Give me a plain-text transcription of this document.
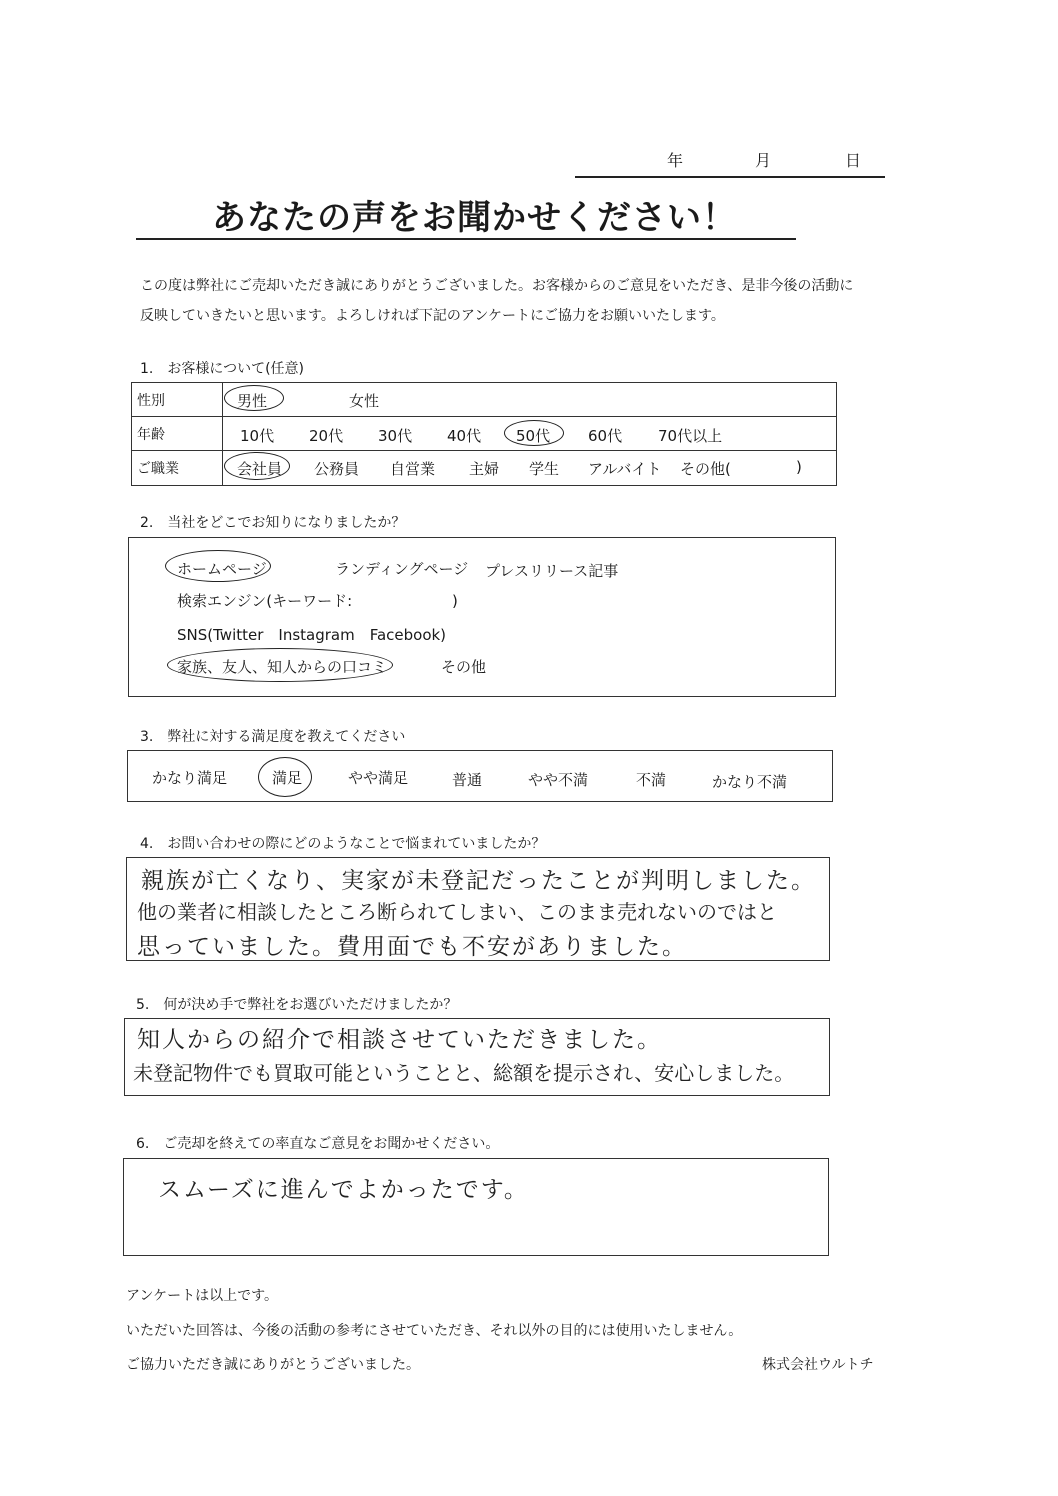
年	月	日
あなたの声をお聞かせください！
この度は弊社にご売却いただき誠にありがとうございました。お客様からのご意見をいただき、是非今後の活動に
反映していきたいと思います。よろしければ下記のアンケートにご協力をお願いいたします。
1.　お客様について(任意)
性別	男性	女性
年齢	10代 20代 30代 40代 50代	60代 70代以上
ご職業	会社員 公務員 自営業 主婦 学生 アルバイト その他(	)
2.　当社をどこでお知りになりましたか？
ホームページ	ランディングページ プレスリリース記事
検索エンジン(キーワード:	)
SNS(Twitter　Instagram　Facebook)
家族、友人、知人からの口コミ	その他
3.　弊社に対する満足度を教えてください
かなり満足	満足	やや満足	普通	やや不満	不満	かなり不満
4.　お問い合わせの際にどのようなことで悩まれていましたか？
親族が亡くなり、実家が未登記だったことが判明しました。
他の業者に相談したところ断られてしまい、このまま売れないのではと
思っていました。費用面でも不安がありました。
5.　何が決め手で弊社をお選びいただけましたか？
知人からの紹介で相談させていただきました。
未登記物件でも買取可能ということと、総額を提示され、安心しました。
6.　ご売却を終えての率直なご意見をお聞かせください。
スムーズに進んでよかったです。
アンケートは以上です。
いただいた回答は、今後の活動の参考にさせていただき、それ以外の目的には使用いたしません。
ご協力いただき誠にありがとうございました。	株式会社ウルトチ
